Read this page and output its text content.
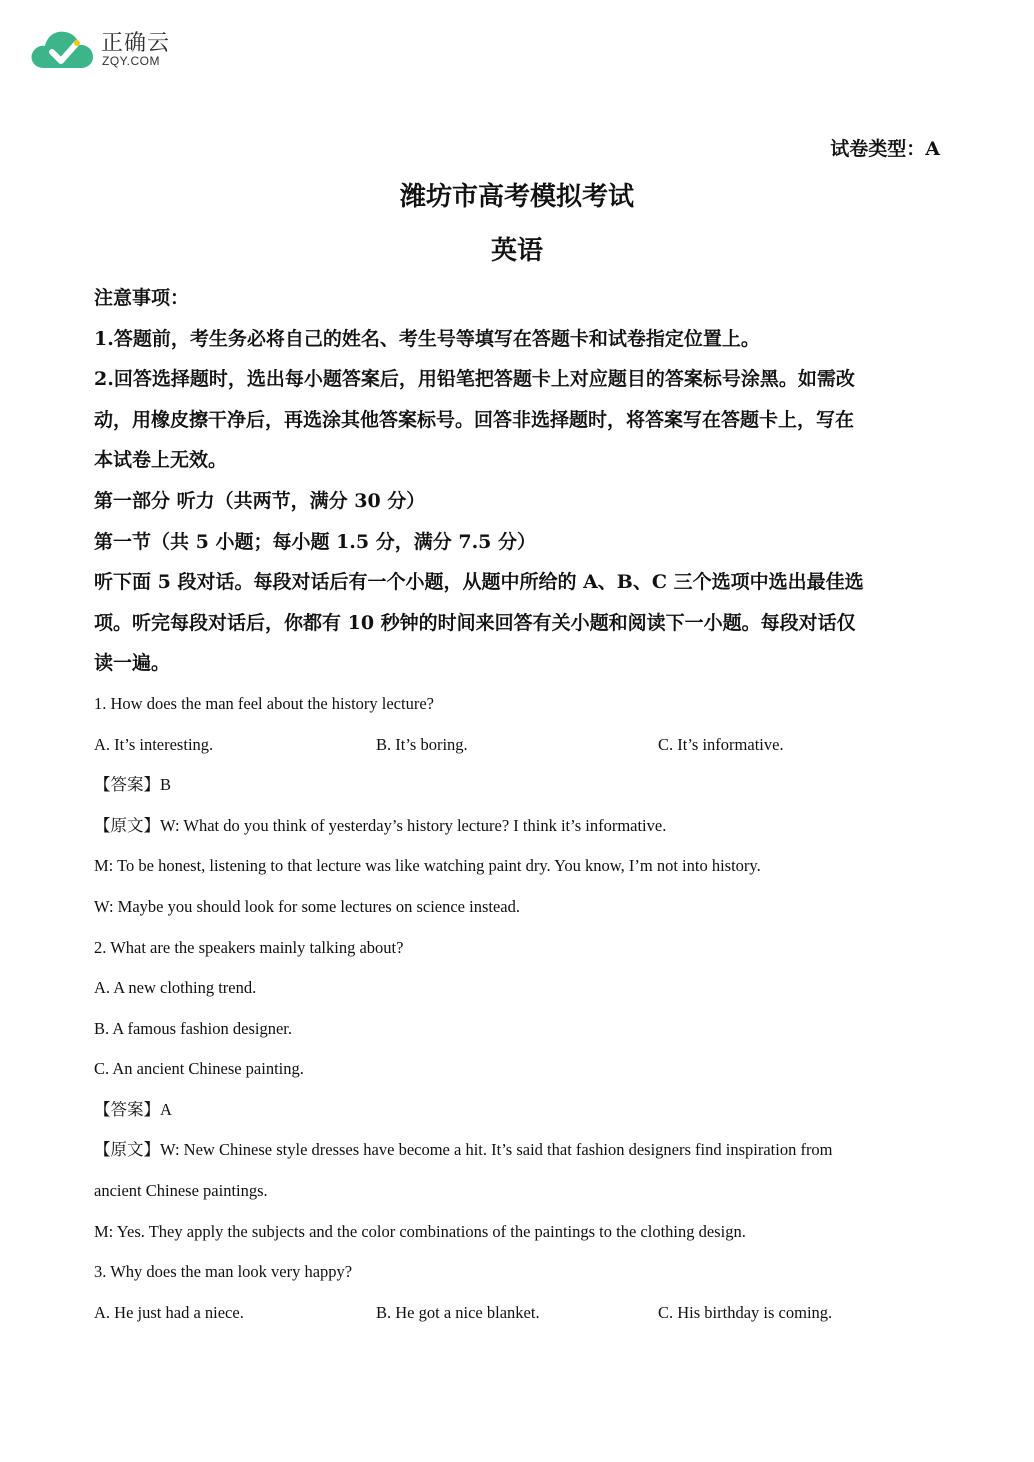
正确云
ZQY.COM
试卷类型：A
潍坊市高考模拟考试
英语

注意事项：

1.答题前，考生务必将自己的姓名、考生号等填写在答题卡和试卷指定位置上。

2.回答选择题时，选出每小题答案后，用铅笔把答题卡上对应题目的答案标号涂黑。如需改

动，用橡皮擦干净后，再选涂其他答案标号。回答非选择题时，将答案写在答题卡上，写在

本试卷上无效。

第一部分 听力（共两节，满分 30 分）

第一节（共 5 小题；每小题 1.5 分，满分 7.5 分）

听下面 5 段对话。每段对话后有一个小题，从题中所给的 A、B、C 三个选项中选出最佳选

项。听完每段对话后，你都有 10 秒钟的时间来回答有关小题和阅读下一小题。每段对话仅

读一遍。

1. How does the man feel about the history lecture?

A. It’s interesting.	B. It’s boring.	C. It’s informative.

【答案】B

【原文】W: What do you think of yesterday’s history lecture? I think it’s informative.

M: To be honest, listening to that lecture was like watching paint dry. You know, I’m not into history.

W: Maybe you should look for some lectures on science instead.

2. What are the speakers mainly talking about?

A. A new clothing trend.

B. A famous fashion designer.

C. An ancient Chinese painting.

【答案】A

【原文】W: New Chinese style dresses have become a hit. It’s said that fashion designers find inspiration from

ancient Chinese paintings.

M: Yes. They apply the subjects and the color combinations of the paintings to the clothing design.

3. Why does the man look very happy?

A. He just had a niece.	B. He got a nice blanket.	C. His birthday is coming.
